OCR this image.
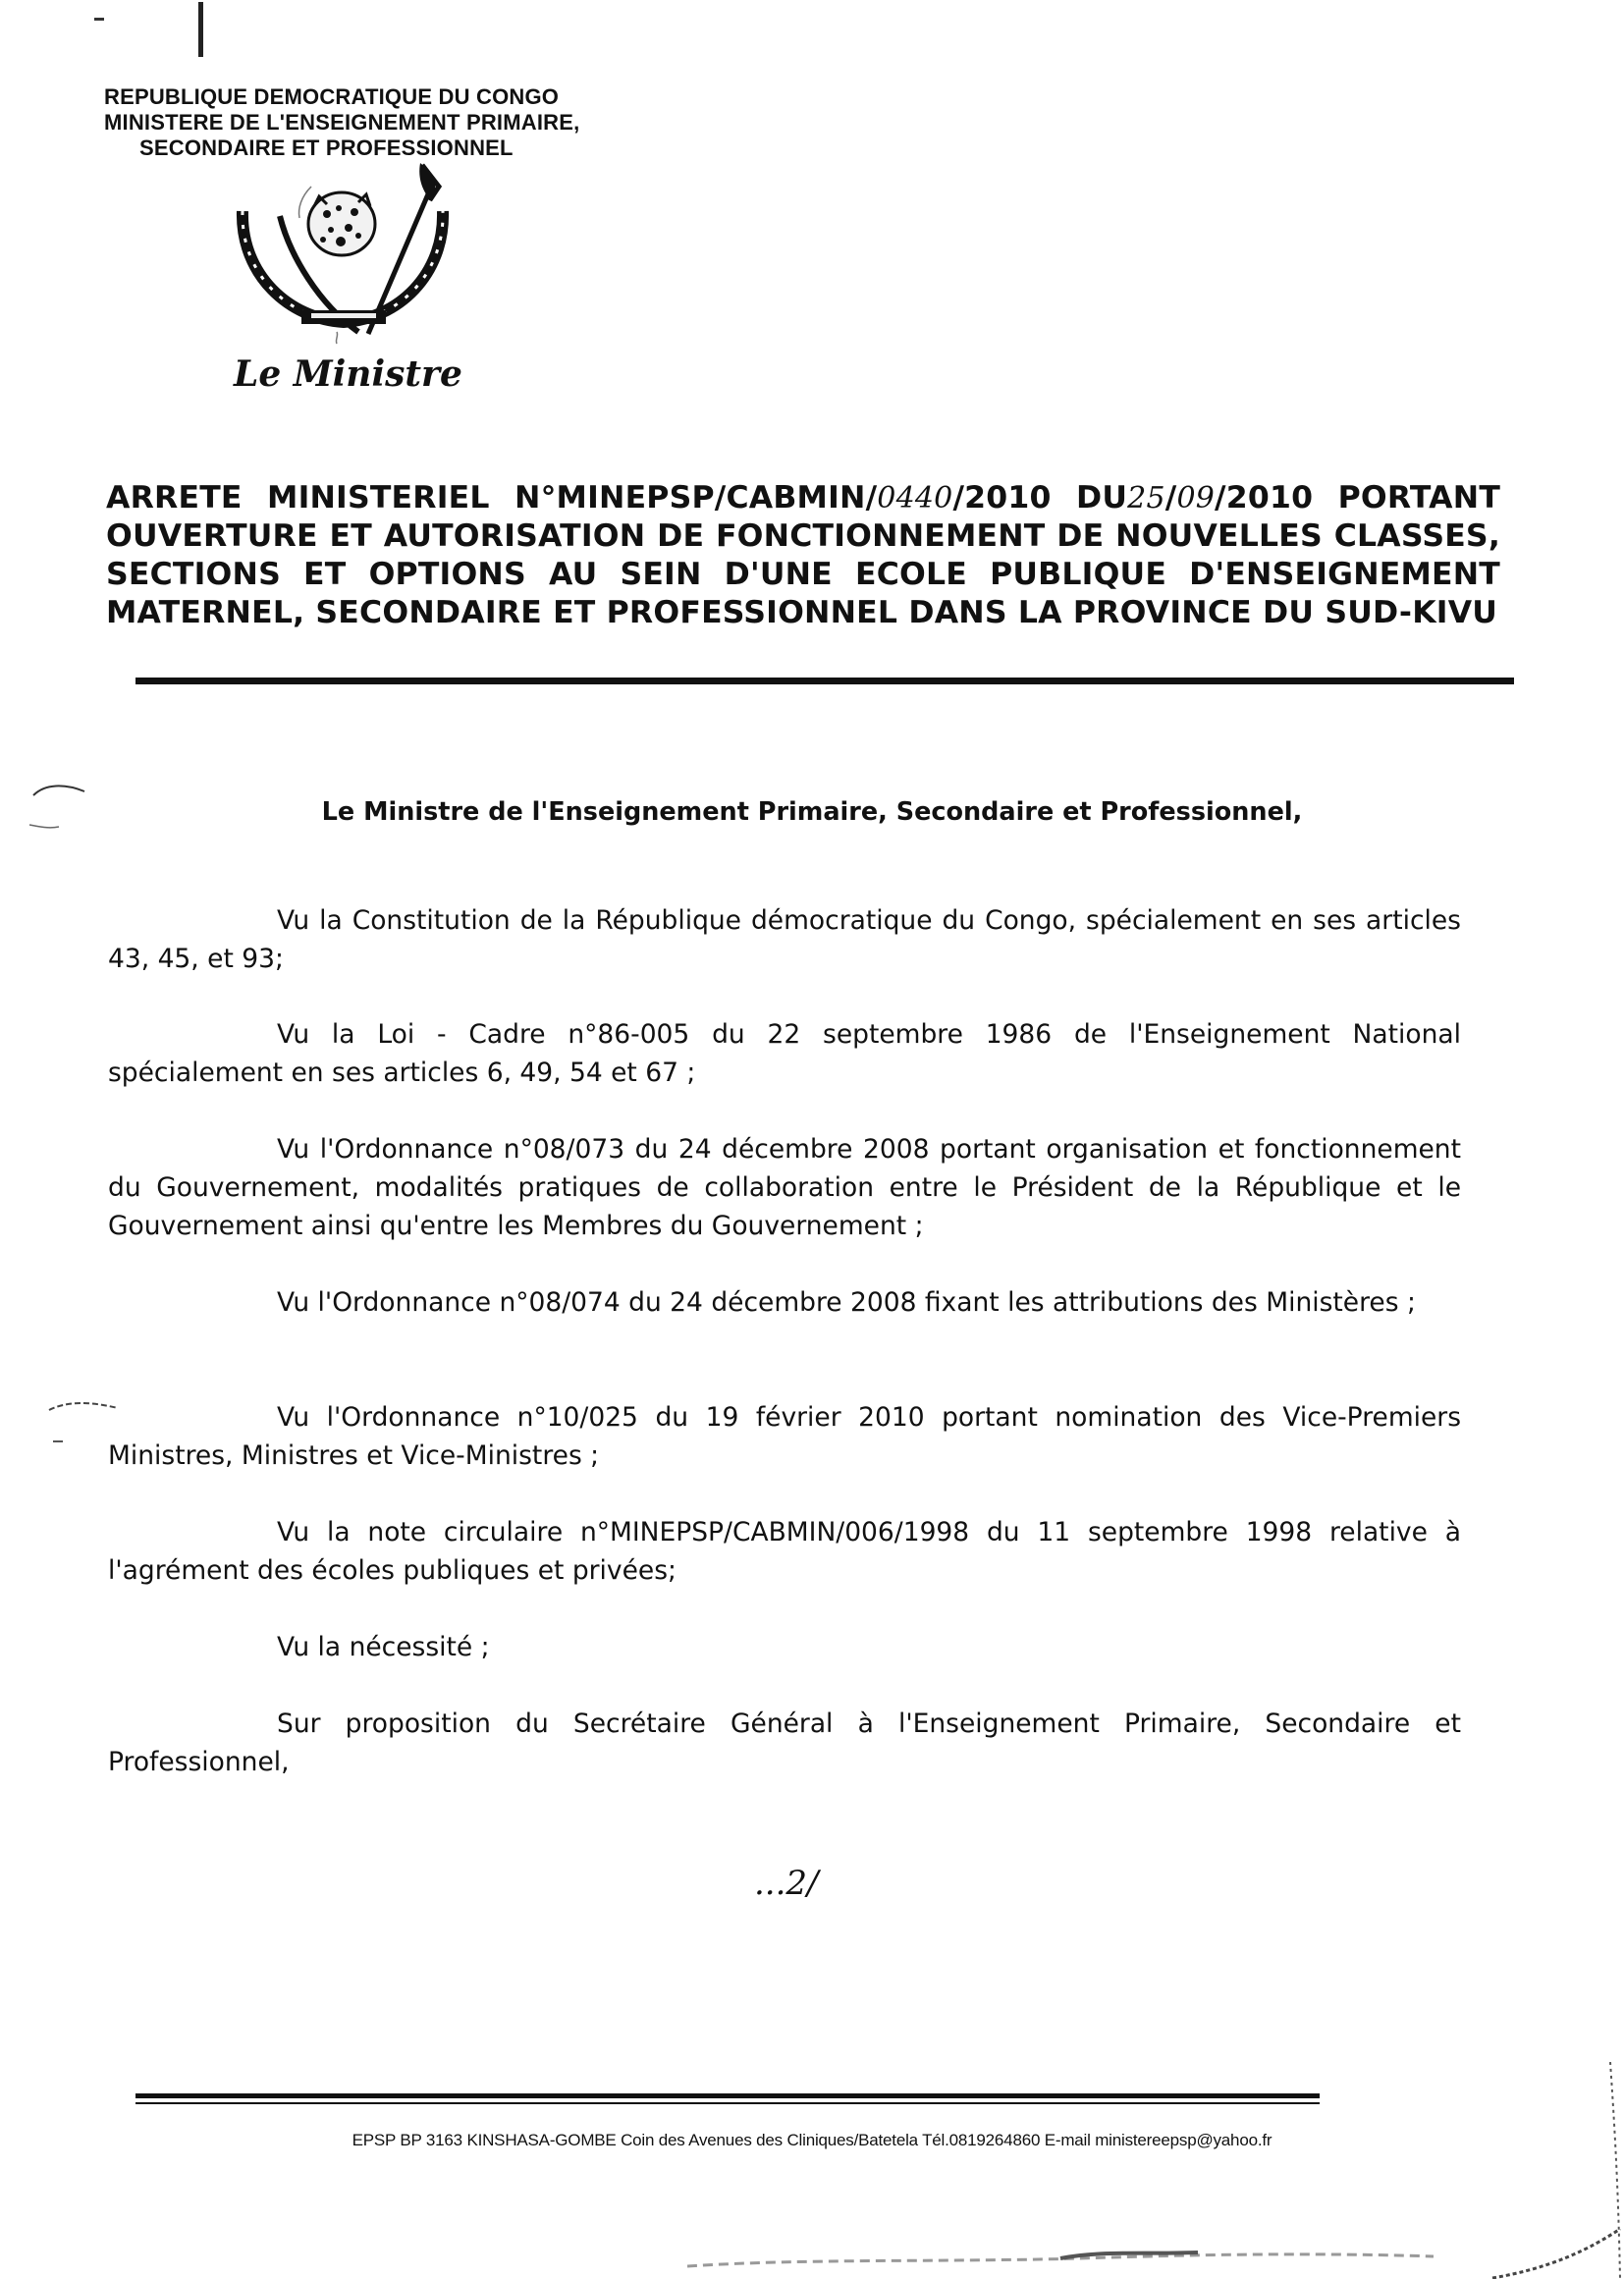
REPUBLIQUE DEMOCRATIQUE DU CONGO
MINISTERE DE L'ENSEIGNEMENT PRIMAIRE,
SECONDAIRE ET PROFESSIONNEL
Le Ministre
ARRETE MINISTERIEL N°MINEPSP/CABMIN/0440/2010 DU25/09/2010 PORTANT OUVERTURE ET AUTORISATION DE FONCTIONNEMENT DE NOUVELLES CLASSES, SECTIONS ET OPTIONS AU SEIN D'UNE ECOLE PUBLIQUE D'ENSEIGNEMENT MATERNEL, SECONDAIRE ET PROFESSIONNEL DANS LA PROVINCE DU SUD-KIVU
Le Ministre de l'Enseignement Primaire, Secondaire et Professionnel,
Vu la Constitution de la République démocratique du Congo, spécialement en ses articles 43, 45, et 93;
Vu la Loi - Cadre n°86-005 du 22 septembre 1986 de l'Enseignement National spécialement en ses articles 6, 49, 54 et 67 ;
Vu l'Ordonnance n°08/073 du 24 décembre 2008 portant organisation et fonctionnement du Gouvernement, modalités pratiques de collaboration entre le Président de la République et le Gouvernement ainsi qu'entre les Membres du Gouvernement ;
Vu l'Ordonnance n°08/074 du 24 décembre 2008 fixant les attributions des Ministères ;
Vu l'Ordonnance n°10/025 du 19 février 2010 portant nomination des Vice-Premiers Ministres, Ministres et Vice-Ministres ;
Vu la note circulaire n°MINEPSP/CABMIN/006/1998 du 11 septembre 1998 relative à l'agrément des écoles publiques et privées;
Vu la nécessité ;
Sur proposition du Secrétaire Général à l'Enseignement Primaire, Secondaire et Professionnel,
...2/
EPSP BP 3163 KINSHASA-GOMBE Coin des Avenues des Cliniques/Batetela Tél.0819264860 E-mail ministereepsp@yahoo.fr
